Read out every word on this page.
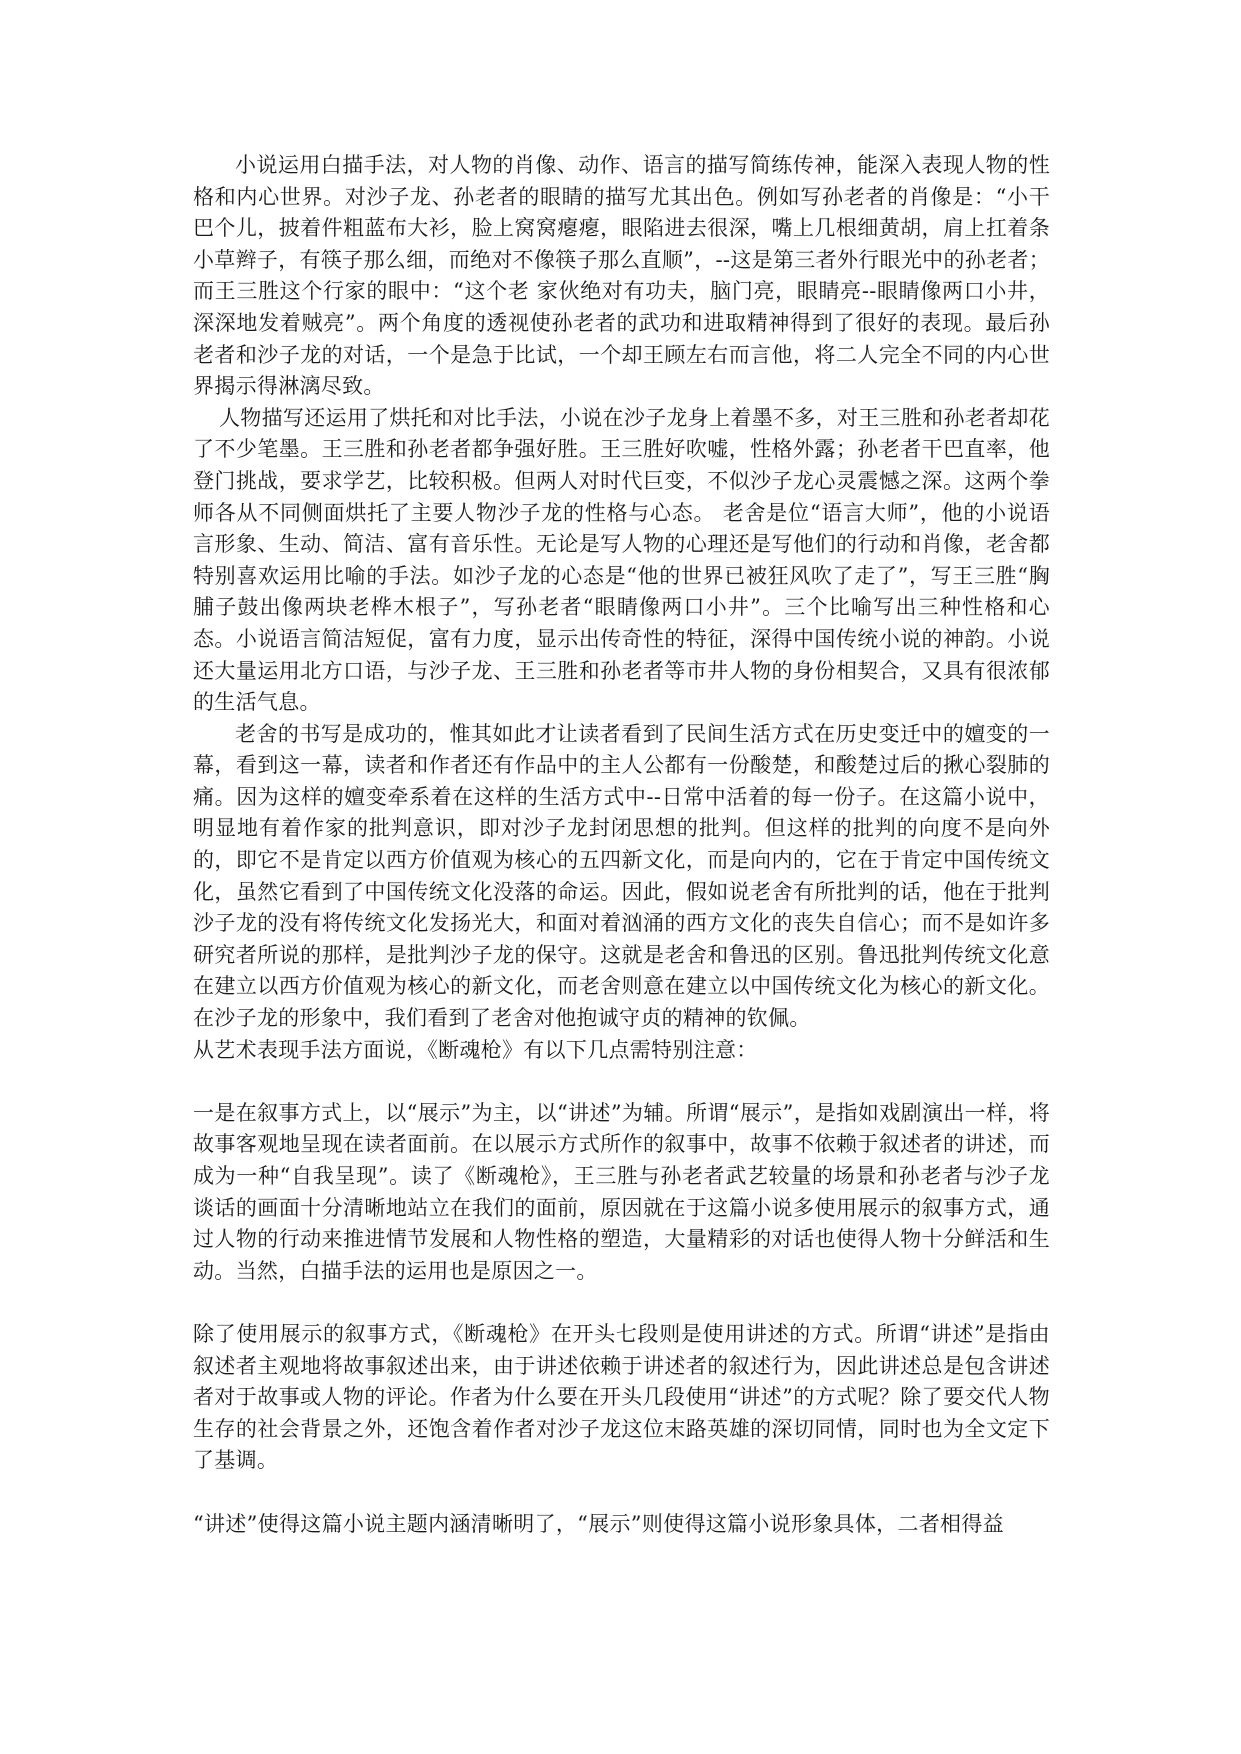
小说运用白描手法，对人物的肖像、动作、语言的描写简练传神，能深入表现人物的性格和内心世界。对沙子龙、孙老者的眼睛的描写尤其出色。例如写孙老者的肖像是：“小干巴个儿，披着件粗蓝布大衫，脸上窝窝瘪瘪，眼陷进去很深，嘴上几根细黄胡，肩上扛着条小草辫子，有筷子那么细，而绝对不像筷子那么直顺”，--这是第三者外行眼光中的孙老者；而王三胜这个行家的眼中：“这个老 家伙绝对有功夫，脑门亮，眼睛亮--眼睛像两口小井，深深地发着贼亮”。两个角度的透视使孙老者的武功和进取精神得到了很好的表现。最后孙老者和沙子龙的对话，一个是急于比试，一个却王顾左右而言他，将二人完全不同的内心世界揭示得淋漓尽致。

人物描写还运用了烘托和对比手法，小说在沙子龙身上着墨不多，对王三胜和孙老者却花了不少笔墨。王三胜和孙老者都争强好胜。王三胜好吹嘘，性格外露；孙老者干巴直率，他登门挑战，要求学艺，比较积极。但两人对时代巨变，不似沙子龙心灵震憾之深。这两个拳师各从不同侧面烘托了主要人物沙子龙的性格与心态。 老舍是位“语言大师”，他的小说语言形象、生动、简洁、富有音乐性。无论是写人物的心理还是写他们的行动和肖像，老舍都特别喜欢运用比喻的手法。如沙子龙的心态是“他的世界已被狂风吹了走了”，写王三胜“胸脯子鼓出像两块老桦木根子”，写孙老者“眼睛像两口小井”。三个比喻写出三种性格和心态。小说语言简洁短促，富有力度，显示出传奇性的特征，深得中国传统小说的神韵。小说还大量运用北方口语，与沙子龙、王三胜和孙老者等市井人物的身份相契合，又具有很浓郁的生活气息。

老舍的书写是成功的，惟其如此才让读者看到了民间生活方式在历史变迁中的嬗变的一幕，看到这一幕，读者和作者还有作品中的主人公都有一份酸楚，和酸楚过后的揪心裂肺的痛。因为这样的嬗变牵系着在这样的生活方式中--日常中活着的每一份子。在这篇小说中，明显地有着作家的批判意识，即对沙子龙封闭思想的批判。但这样的批判的向度不是向外的，即它不是肯定以西方价值观为核心的五四新文化，而是向内的，它在于肯定中国传统文化，虽然它看到了中国传统文化没落的命运。因此，假如说老舍有所批判的话，他在于批判沙子龙的没有将传统文化发扬光大，和面对着汹涌的西方文化的丧失自信心；而不是如许多研究者所说的那样，是批判沙子龙的保守。这就是老舍和鲁迅的区别。鲁迅批判传统文化意在建立以西方价值观为核心的新文化，而老舍则意在建立以中国传统文化为核心的新文化。在沙子龙的形象中，我们看到了老舍对他抱诚守贞的精神的钦佩。

从艺术表现手法方面说，《断魂枪》有以下几点需特别注意：

一是在叙事方式上，以“展示”为主，以“讲述”为辅。所谓“展示”，是指如戏剧演出一样，将故事客观地呈现在读者面前。在以展示方式所作的叙事中，故事不依赖于叙述者的讲述，而成为一种“自我呈现”。读了《断魂枪》，王三胜与孙老者武艺较量的场景和孙老者与沙子龙谈话的画面十分清晰地站立在我们的面前，原因就在于这篇小说多使用展示的叙事方式，通过人物的行动来推进情节发展和人物性格的塑造，大量精彩的对话也使得人物十分鲜活和生动。当然，白描手法的运用也是原因之一。

除了使用展示的叙事方式，《断魂枪》在开头七段则是使用讲述的方式。所谓“讲述”是指由叙述者主观地将故事叙述出来，由于讲述依赖于讲述者的叙述行为，因此讲述总是包含讲述者对于故事或人物的评论。作者为什么要在开头几段使用“讲述”的方式呢？除了要交代人物生存的社会背景之外，还饱含着作者对沙子龙这位末路英雄的深切同情，同时也为全文定下了基调。

“讲述”使得这篇小说主题内涵清晰明了，“展示”则使得这篇小说形象具体，二者相得益
